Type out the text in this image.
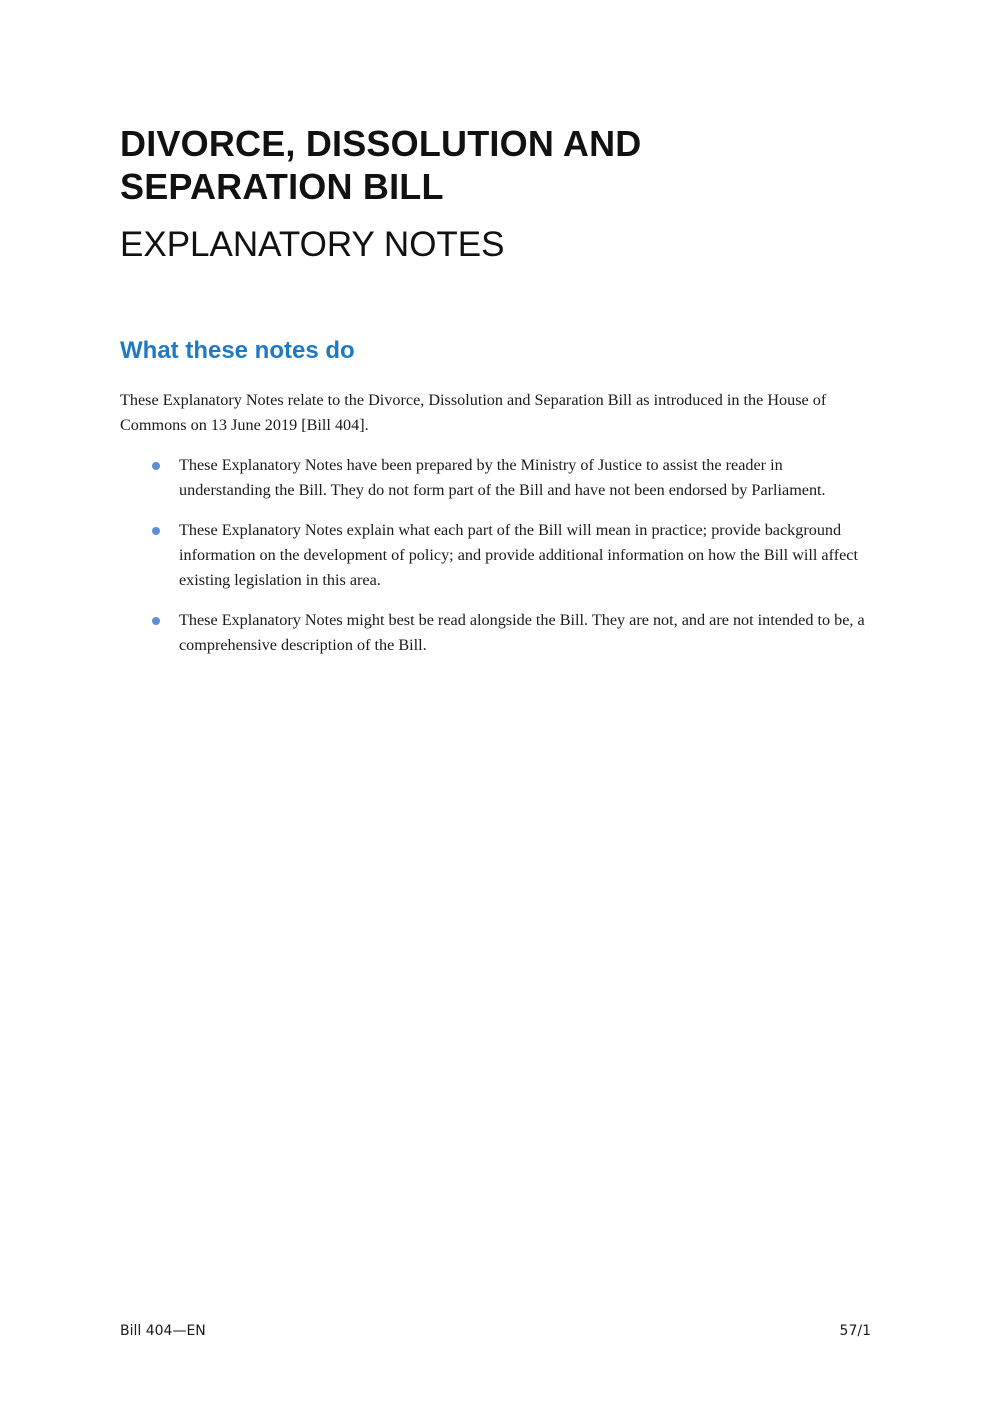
DIVORCE, DISSOLUTION AND
SEPARATION BILL
EXPLANATORY NOTES
What these notes do

These Explanatory Notes relate to the Divorce, Dissolution and Separation Bill as introduced in the House of Commons on 13 June 2019 [Bill 404].

These Explanatory Notes have been prepared by the Ministry of Justice to assist the reader in understanding the Bill. They do not form part of the Bill and have not been endorsed by Parliament.
These Explanatory Notes explain what each part of the Bill will mean in practice; provide background information on the development of policy; and provide additional information on how the Bill will affect existing legislation in this area.
These Explanatory Notes might best be read alongside the Bill. They are not, and are not intended to be, a comprehensive description of the Bill.
Bill 404—EN	57/1
